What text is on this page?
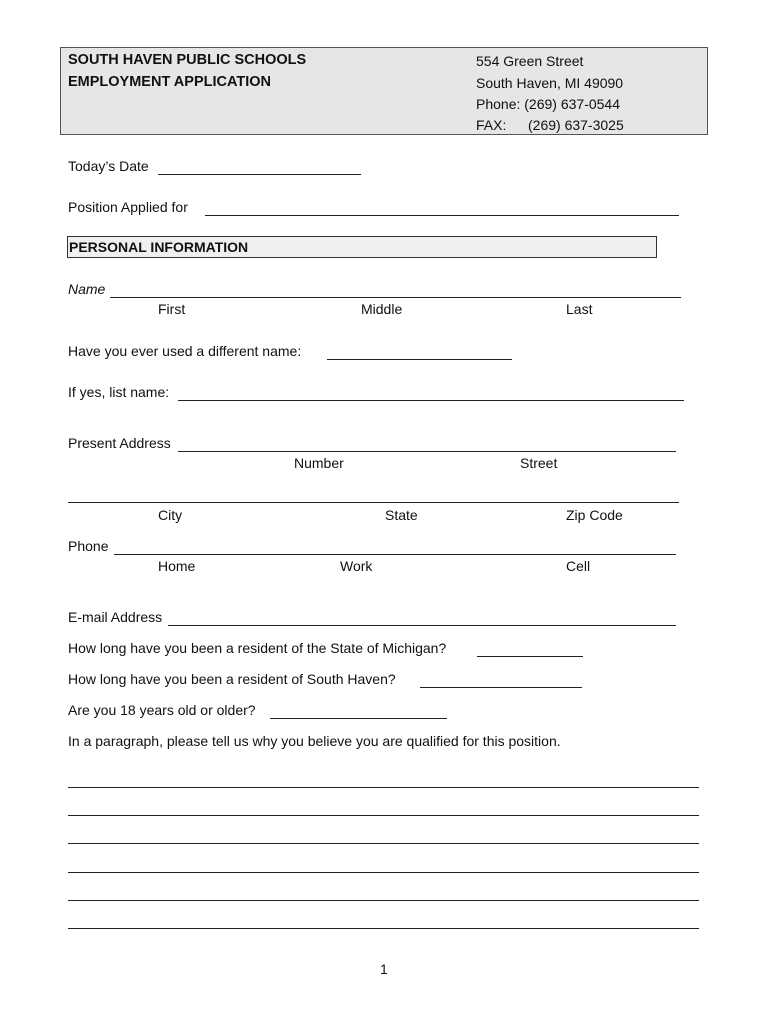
SOUTH HAVEN PUBLIC SCHOOLS
EMPLOYMENT APPLICATION
554 Green Street
South Haven, MI 49090
Phone: (269) 637-0544
FAX: (269) 637-3025
Today’s Date
Position Applied for
PERSONAL INFORMATION
Name
First	Middle	Last
Have you ever used a different name:
If yes, list name:
Present Address
Number	Street
City	State	Zip Code
Phone
Home	Work	Cell
E-mail Address
How long have you been a resident of the State of Michigan?
How long have you been a resident of South Haven?
Are you 18 years old or older?
In a paragraph, please tell us why you believe you are qualified for this position.
1
